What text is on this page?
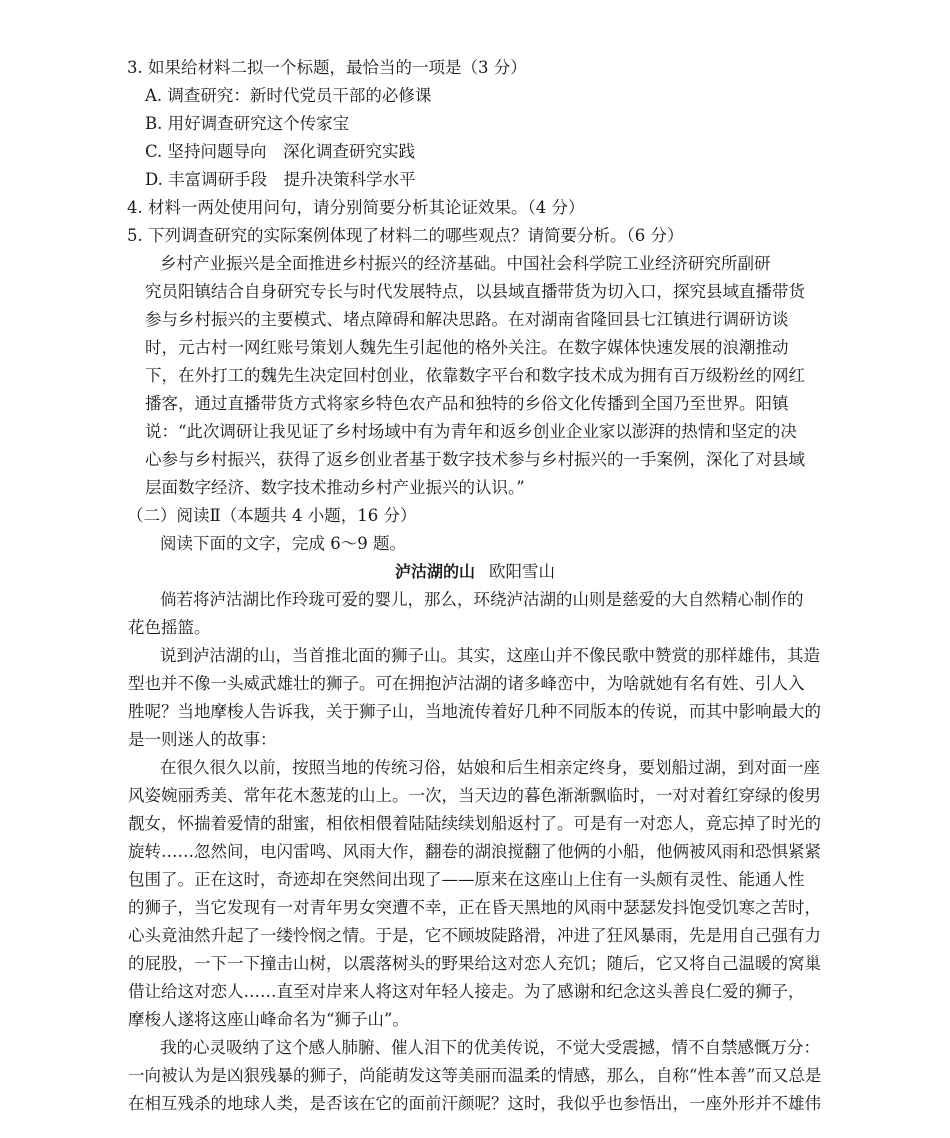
3. 如果给材料二拟一个标题，最恰当的一项是（3 分）
A. 调查研究：新时代党员干部的必修课
B. 用好调查研究这个传家宝
C. 坚持问题导向　深化调查研究实践
D. 丰富调研手段　提升决策科学水平
4. 材料一两处使用问句，请分别简要分析其论证效果。（4 分）
5. 下列调查研究的实际案例体现了材料二的哪些观点？请简要分析。（6 分）
乡村产业振兴是全面推进乡村振兴的经济基础。中国社会科学院工业经济研究所副研
究员阳镇结合自身研究专长与时代发展特点，以县域直播带货为切入口，探究县域直播带货
参与乡村振兴的主要模式、堵点障碍和解决思路。在对湖南省隆回县七江镇进行调研访谈
时，元古村一网红账号策划人魏先生引起他的格外关注。在数字媒体快速发展的浪潮推动
下，在外打工的魏先生决定回村创业，依靠数字平台和数字技术成为拥有百万级粉丝的网红
播客，通过直播带货方式将家乡特色农产品和独特的乡俗文化传播到全国乃至世界。阳镇
说：“此次调研让我见证了乡村场域中有为青年和返乡创业企业家以澎湃的热情和坚定的决
心参与乡村振兴，获得了返乡创业者基于数字技术参与乡村振兴的一手案例，深化了对县域
层面数字经济、数字技术推动乡村产业振兴的认识。”
（二）阅读Ⅱ（本题共 4 小题，16 分）
阅读下面的文字，完成 6～9 题。
泸沽湖的山 欧阳雪山
倘若将泸沽湖比作玲珑可爱的婴儿，那么，环绕泸沽湖的山则是慈爱的大自然精心制作的
花色摇篮。
说到泸沽湖的山，当首推北面的狮子山。其实，这座山并不像民歌中赞赏的那样雄伟，其造
型也并不像一头威武雄壮的狮子。可在拥抱泸沽湖的诸多峰峦中，为啥就她有名有姓、引人入
胜呢？当地摩梭人告诉我，关于狮子山，当地流传着好几种不同版本的传说，而其中影响最大的
是一则迷人的故事：
在很久很久以前，按照当地的传统习俗，姑娘和后生相亲定终身，要划船过湖，到对面一座
风姿婉丽秀美、常年花木葱茏的山上。一次，当天边的暮色渐渐飘临时，一对对着红穿绿的俊男
靓女，怀揣着爱情的甜蜜，相依相偎着陆陆续续划船返村了。可是有一对恋人，竟忘掉了时光的
旋转……忽然间，电闪雷鸣、风雨大作，翻卷的湖浪搅翻了他俩的小船，他俩被风雨和恐惧紧紧
包围了。正在这时，奇迹却在突然间出现了——原来在这座山上住有一头颇有灵性、能通人性
的狮子，当它发现有一对青年男女突遭不幸，正在昏天黑地的风雨中瑟瑟发抖饱受饥寒之苦时，
心头竟油然升起了一缕怜悯之情。于是，它不顾坡陡路滑，冲进了狂风暴雨，先是用自己强有力
的屁股，一下一下撞击山树，以震落树头的野果给这对恋人充饥；随后，它又将自己温暖的窝巢
借让给这对恋人……直至对岸来人将这对年轻人接走。为了感谢和纪念这头善良仁爱的狮子，
摩梭人遂将这座山峰命名为“狮子山”。
我的心灵吸纳了这个感人肺腑、催人泪下的优美传说，不觉大受震撼，情不自禁感慨万分：
一向被认为是凶狠残暴的狮子，尚能萌发这等美丽而温柔的情感，那么，自称“性本善”而又总是
在相互残杀的地球人类，是否该在它的面前汗颜呢？这时，我似乎也参悟出，一座外形并不雄伟
